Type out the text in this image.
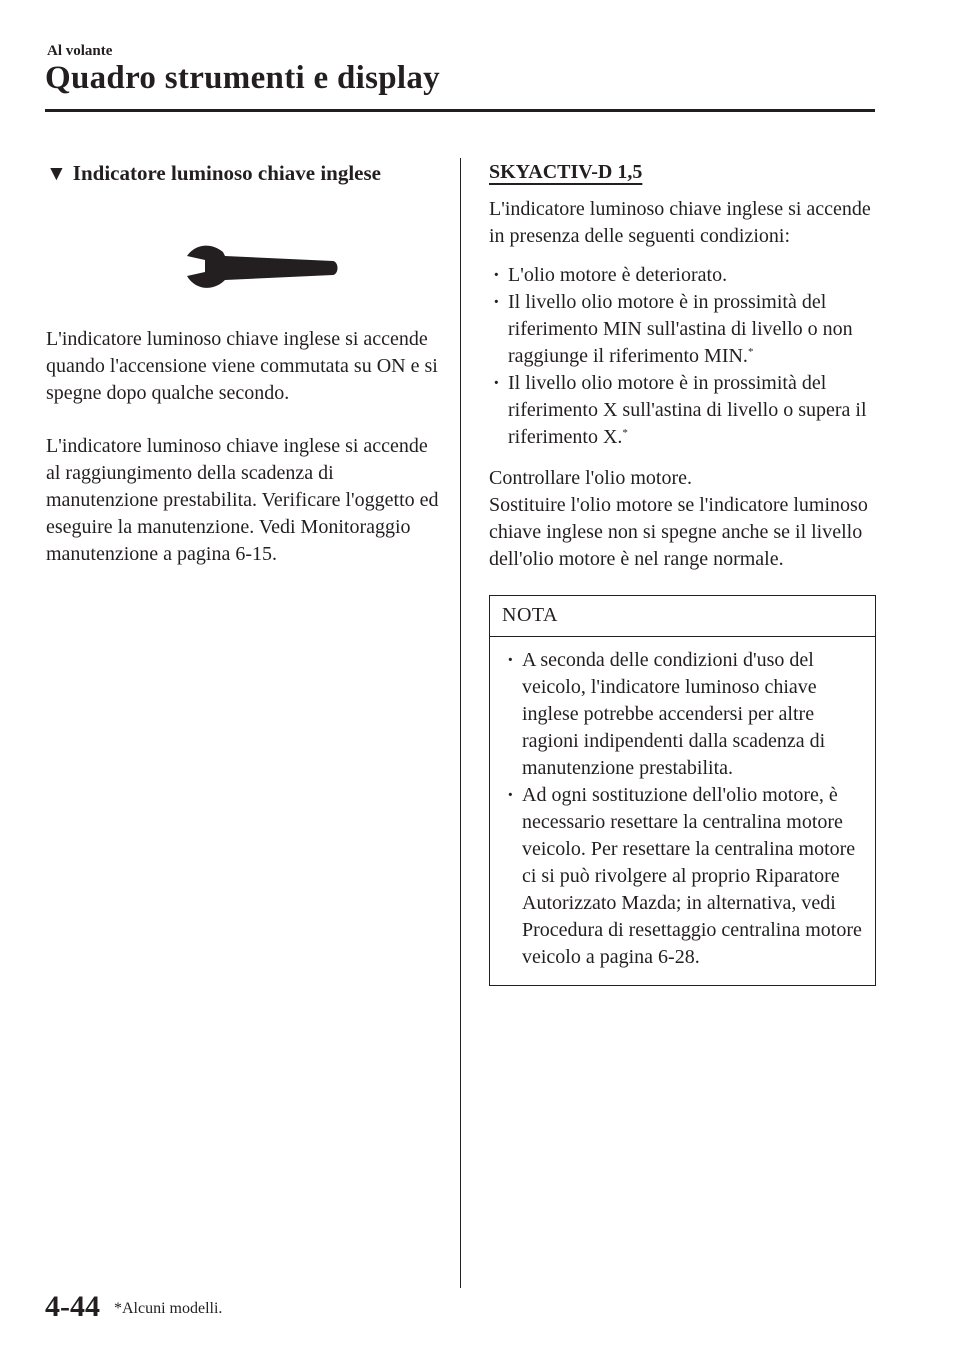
Al volante
Quadro strumenti e display
▼ Indicatore luminoso chiave inglese

L'indicatore luminoso chiave inglese si accende quando l'accensione viene commutata su ON e si spegne dopo qualche secondo.

L'indicatore luminoso chiave inglese si accende al raggiungimento della scadenza di manutenzione prestabilita. Verificare l'oggetto ed eseguire la manutenzione. Vedi Monitoraggio manutenzione a pagina 6-15.

SKYACTIV-D 1,5

L'indicatore luminoso chiave inglese si accende in presenza delle seguenti condizioni:

· L'olio motore è deteriorato.
· Il livello olio motore è in prossimità del riferimento MIN sull'astina di livello o non raggiunge il riferimento MIN.*
· Il livello olio motore è in prossimità del riferimento X sull'astina di livello o supera il riferimento X.*

Controllare l'olio motore.

Sostituire l'olio motore se l'indicatore luminoso chiave inglese non si spegne anche se il livello dell'olio motore è nel range normale.

NOTA
· A seconda delle condizioni d'uso del veicolo, l'indicatore luminoso chiave inglese potrebbe accendersi per altre ragioni indipendenti dalla scadenza di manutenzione prestabilita.
· Ad ogni sostituzione dell'olio motore, è necessario resettare la centralina motore veicolo. Per resettare la centralina motore ci si può rivolgere al proprio Riparatore Autorizzato Mazda; in alternativa, vedi Procedura di resettaggio centralina motore veicolo a pagina 6-28.
4-44 *Alcuni modelli.
